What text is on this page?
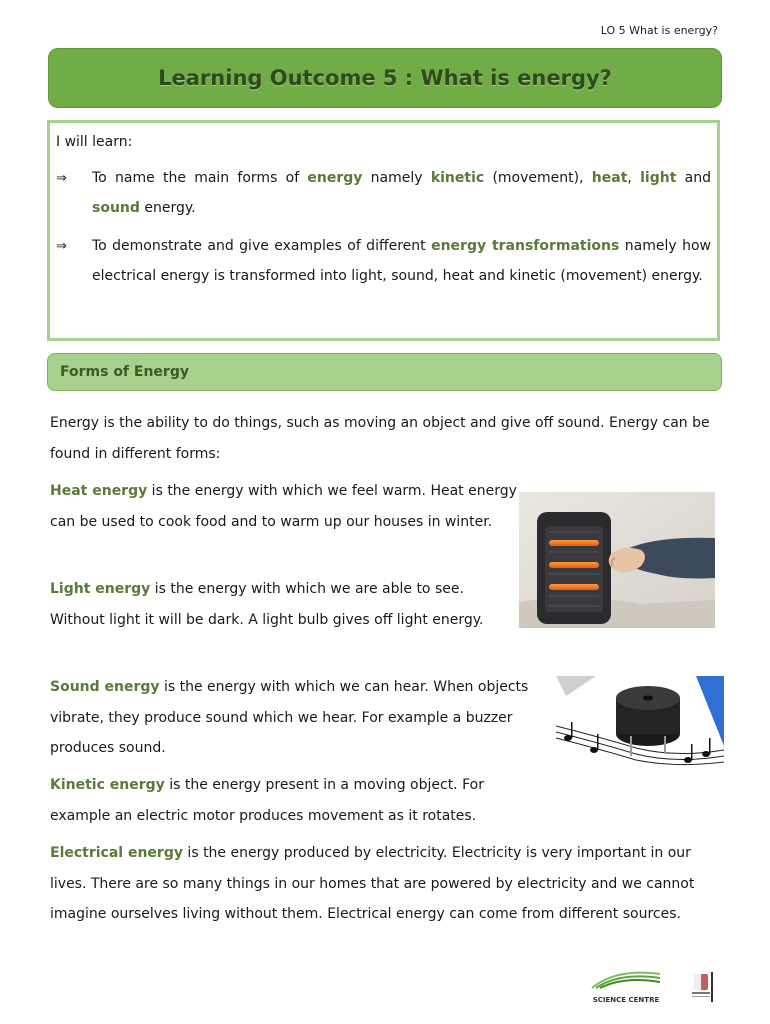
LO 5 What is energy?
Learning Outcome 5 : What is energy?

I will learn:

⇒	To name the main forms of energy namely kinetic (movement), heat, light and sound energy.
⇒	To demonstrate and give examples of different energy transformations namely how electrical energy is transformed into light, sound, heat and kinetic (movement) energy.
Forms of Energy
Energy is the ability to do things, such as moving an object and give off sound. Energy can be found in different forms:
Heat energy is the energy with which we feel warm. Heat energy can be used to cook food and to warm up our houses in winter.
Light energy is the energy with which we are able to see. Without light it will be dark. A light bulb gives off light energy.
Sound energy is the energy with which we can hear. When objects vibrate, they produce sound which we hear. For example a buzzer produces sound.
Kinetic energy is the energy present in a moving object. For example an electric motor produces movement as it rotates.
Electrical energy is the energy produced by electricity. Electricity is very important in our lives. There are so many things in our homes that are powered by electricity and we cannot imagine ourselves living without them. Electrical energy can come from different sources.
SCIENCE CENTRE
